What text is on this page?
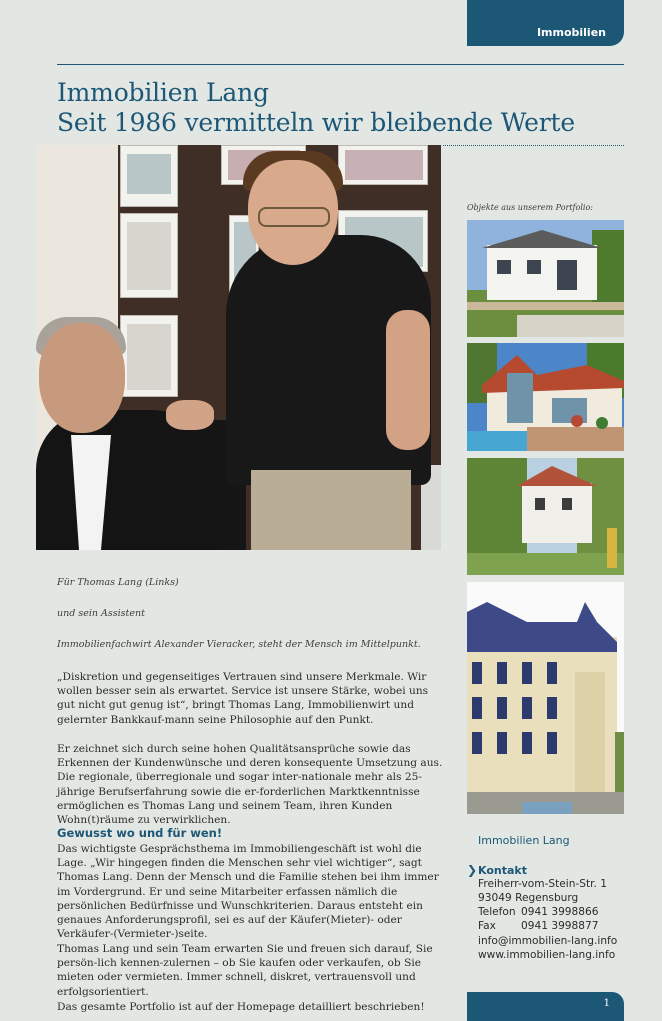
Immobilien
Immobilien Lang
Seit 1986 vermitteln wir bleibende Werte
Für Thomas Lang (Links)
und sein Assistent
Immobilienfachwirt Alexander Vieracker, steht der Mensch im Mittelpunkt.

„Diskretion und gegenseitiges Vertrauen sind unsere Merkmale. Wir wollen besser sein als erwartet. Service ist unsere Stärke, wobei uns gut nicht gut genug ist“, bringt Thomas Lang, Immobilienwirt und gelernter Bankkauf-mann seine Philosophie auf den Punkt.

Er zeichnet sich durch seine hohen Qualitätsansprüche sowie das Erkennen der Kundenwünsche und deren konsequente Umsetzung aus. Die regionale, überregionale und sogar inter-nationale mehr als 25-jährige Berufserfahrung sowie die er-forderlichen Marktkenntnisse ermöglichen es Thomas Lang und seinem Team, ihren Kunden Wohn(t)räume zu verwirklichen.

Gewusst wo und für wen!

Das wichtigste Gesprächsthema im Immobiliengeschäft ist wohl die Lage. „Wir hingegen finden die Menschen sehr viel wichtiger“, sagt Thomas Lang. Denn der Mensch und die Familie stehen bei ihm immer im Vordergrund. Er und seine Mitarbeiter erfassen nämlich die persönlichen Bedürfnisse und Wunschkriterien. Daraus entsteht ein genaues Anforderungsprofil, sei es auf der Käufer(Mieter)- oder Verkäufer-(Vermieter-)seite.

Thomas Lang und sein Team erwarten Sie und freuen sich darauf, Sie persön-lich kennen-zulernen – ob Sie kaufen oder verkaufen, ob Sie mieten oder vermieten. Immer schnell, diskret, vertrauensvoll und erfolgsorientiert.

Das gesamte Portfolio ist auf der Homepage detailliert beschrieben!

Objekte aus unserem Portfolio:
Immobilien Lang
❯ Kontakt
Freiherr-vom-Stein-Str. 1
93049 Regensburg
Telefon 0941 3998866
Fax 0941 3998877
info@immobilien-lang.info
www.immobilien-lang.info
1
